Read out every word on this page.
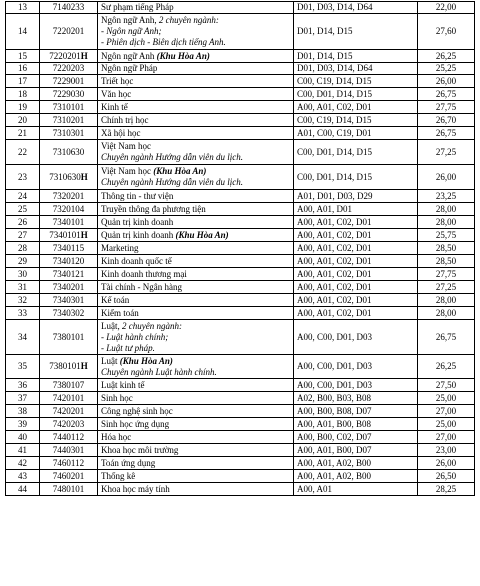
13	7140233	Sư phạm tiếng Pháp	D01, D03, D14, D64	22,00
14	7220201	Ngôn ngữ Anh, 2 chuyên ngành:
- Ngôn ngữ Anh;
- Phiên dịch - Biên dịch tiếng Anh.	D01, D14, D15	27,60
15	7220201H	Ngôn ngữ Anh (Khu Hòa An)	D01, D14, D15	26,25
16	7220203	Ngôn ngữ Pháp	D01, D03, D14, D64	25,25
17	7229001	Triết học	C00, C19, D14, D15	26,00
18	7229030	Văn học	C00, D01, D14, D15	26,75
19	7310101	Kinh tế	A00, A01, C02, D01	27,75
20	7310201	Chính trị học	C00, C19, D14, D15	26,70
21	7310301	Xã hội học	A01, C00, C19, D01	26,75
22	7310630	Việt Nam học
Chuyên ngành Hướng dẫn viên du lịch.	C00, D01, D14, D15	27,25
23	7310630H	Việt Nam học (Khu Hòa An)
Chuyên ngành Hướng dẫn viên du lịch.	C00, D01, D14, D15	26,00
24	7320201	Thông tin - thư viện	A01, D01, D03, D29	23,25
25	7320104	Truyền thông đa phương tiện	A00, A01, D01	28,00
26	7340101	Quản trị kinh doanh	A00, A01, C02, D01	28,00
27	7340101H	Quản trị kinh doanh (Khu Hòa An)	A00, A01, C02, D01	25,75
28	7340115	Marketing	A00, A01, C02, D01	28,50
29	7340120	Kinh doanh quốc tế	A00, A01, C02, D01	28,50
30	7340121	Kinh doanh thương mại	A00, A01, C02, D01	27,75
31	7340201	Tài chính - Ngân hàng	A00, A01, C02, D01	27,25
32	7340301	Kế toán	A00, A01, C02, D01	28,00
33	7340302	Kiểm toán	A00, A01, C02, D01	28,00
34	7380101	Luật, 2 chuyên ngành:
- Luật hành chính;
- Luật tư pháp.	A00, C00, D01, D03	26,75
35	7380101H	Luật (Khu Hòa An)
Chuyên ngành Luật hành chính.	A00, C00, D01, D03	26,25
36	7380107	Luật kinh tế	A00, C00, D01, D03	27,50
37	7420101	Sinh học	A02, B00, B03, B08	25,00
38	7420201	Công nghệ sinh học	A00, B00, B08, D07	27,00
39	7420203	Sinh học ứng dụng	A00, A01, B00, B08	25,00
40	7440112	Hóa học	A00, B00, C02, D07	27,00
41	7440301	Khoa học môi trường	A00, A01, B00, D07	23,00
42	7460112	Toán ứng dụng	A00, A01, A02, B00	26,00
43	7460201	Thống kê	A00, A01, A02, B00	26,50
44	7480101	Khoa học máy tính	A00, A01	28,25
